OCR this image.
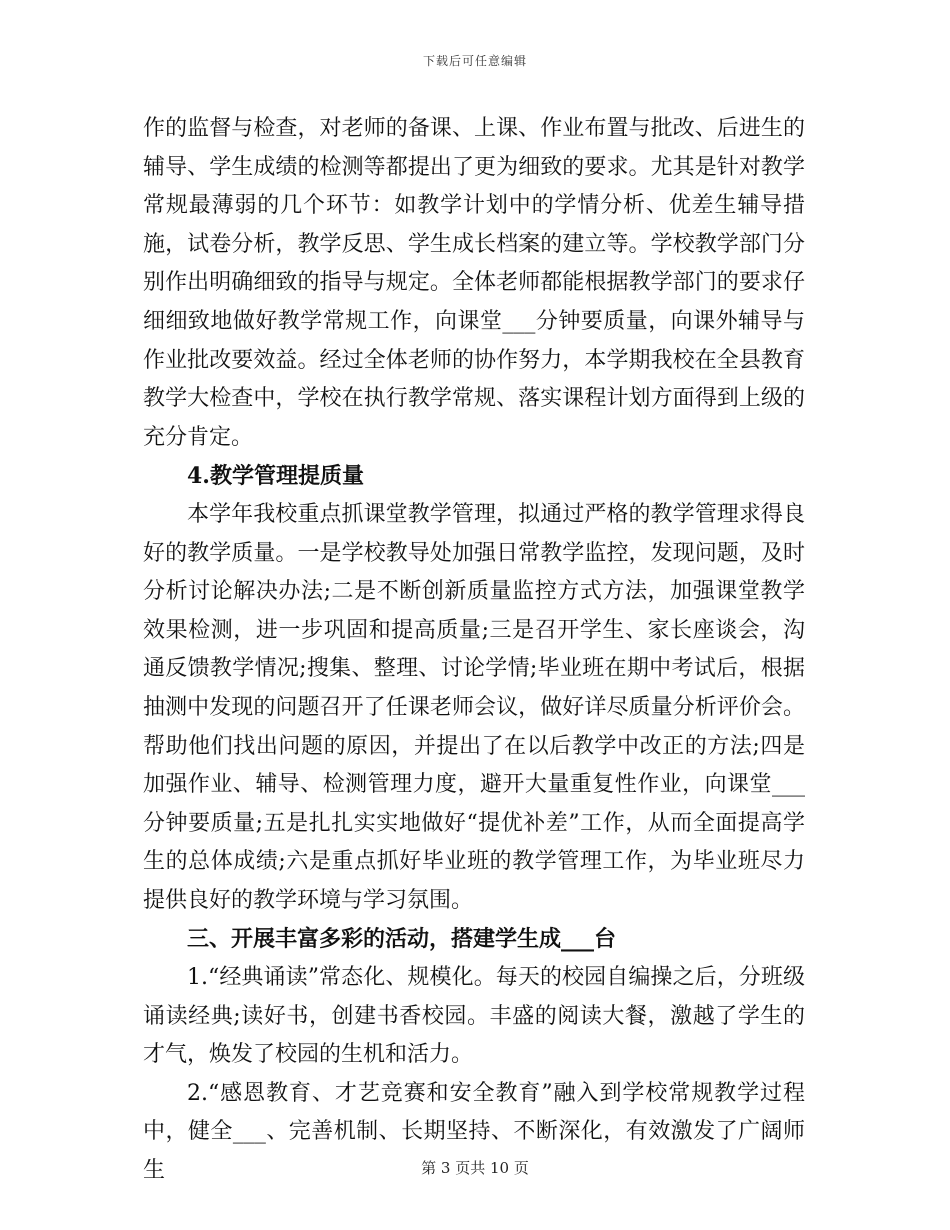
下载后可任意编辑

作的监督与检查，对老师的备课、上课、作业布置与批改、后进生的辅导、学生成绩的检测等都提出了更为细致的要求。尤其是针对教学常规最薄弱的几个环节：如教学计划中的学情分析、优差生辅导措施，试卷分析，教学反思、学生成长档案的建立等。学校教学部门分别作出明确细致的指导与规定。全体老师都能根据教学部门的要求仔细细致地做好教学常规工作，向课堂___分钟要质量，向课外辅导与作业批改要效益。经过全体老师的协作努力，本学期我校在全县教育教学大检查中，学校在执行教学常规、落实课程计划方面得到上级的充分肯定。

4.教学管理提质量

本学年我校重点抓课堂教学管理，拟通过严格的教学管理求得良好的教学质量。一是学校教导处加强日常教学监控，发现问题，及时分析讨论解决办法;二是不断创新质量监控方式方法，加强课堂教学效果检测，进一步巩固和提高质量;三是召开学生、家长座谈会，沟通反馈教学情况;搜集、整理、讨论学情;毕业班在期中考试后，根据抽测中发现的问题召开了任课老师会议，做好详尽质量分析评价会。帮助他们找出问题的原因，并提出了在以后教学中改正的方法;四是加强作业、辅导、检测管理力度，避开大量重复性作业，向课堂___分钟要质量;五是扎扎实实地做好“提优补差”工作，从而全面提高学生的总体成绩;六是重点抓好毕业班的教学管理工作，为毕业班尽力提供良好的教学环境与学习氛围。

三、开展丰富多彩的活动，搭建学生成___台

1.“经典诵读”常态化、规模化。每天的校园自编操之后，分班级诵读经典;读好书，创建书香校园。丰盛的阅读大餐，激越了学生的才气，焕发了校园的生机和活力。

2.“感恩教育、才艺竞赛和安全教育”融入到学校常规教学过程中，健全___、完善机制、长期坚持、不断深化，有效激发了广阔师生	第 3 页共 10 页
